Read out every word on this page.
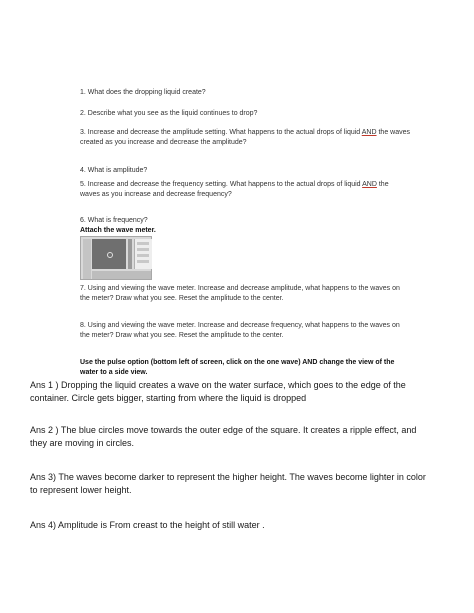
1. What does the dropping liquid create?
2. Describe what you see as the liquid continues to drop?
3. Increase and decrease the amplitude setting. What happens to the actual drops of liquid AND the waves created as you increase and decrease the amplitude?
4. What is amplitude?
5. Increase and decrease the frequency setting. What happens to the actual drops of liquid AND the waves as you increase and decrease frequency?
6. What is frequency?
Attach the wave meter.
7. Using and viewing the wave meter. Increase and decrease amplitude, what happens to the waves on the meter? Draw what you see. Reset the amplitude to the center.
8. Using and viewing the wave meter. Increase and decrease frequency, what happens to the waves on the meter? Draw what you see. Reset the amplitude to the center.
Use the pulse option (bottom left of screen, click on the one wave) AND change the view of the water to a side view.
Ans 1 ) Dropping the liquid creates a wave on the water surface, which goes to the edge of the container. Circle gets bigger, starting from where the liquid is dropped
Ans 2 ) The blue circles move towards the outer edge of the square. It creates a ripple effect, and they are moving in circles.
Ans 3) The waves become darker to represent the higher height. The waves become lighter in color to represent lower height.
Ans 4) Amplitude is From creast to the height of still water .
